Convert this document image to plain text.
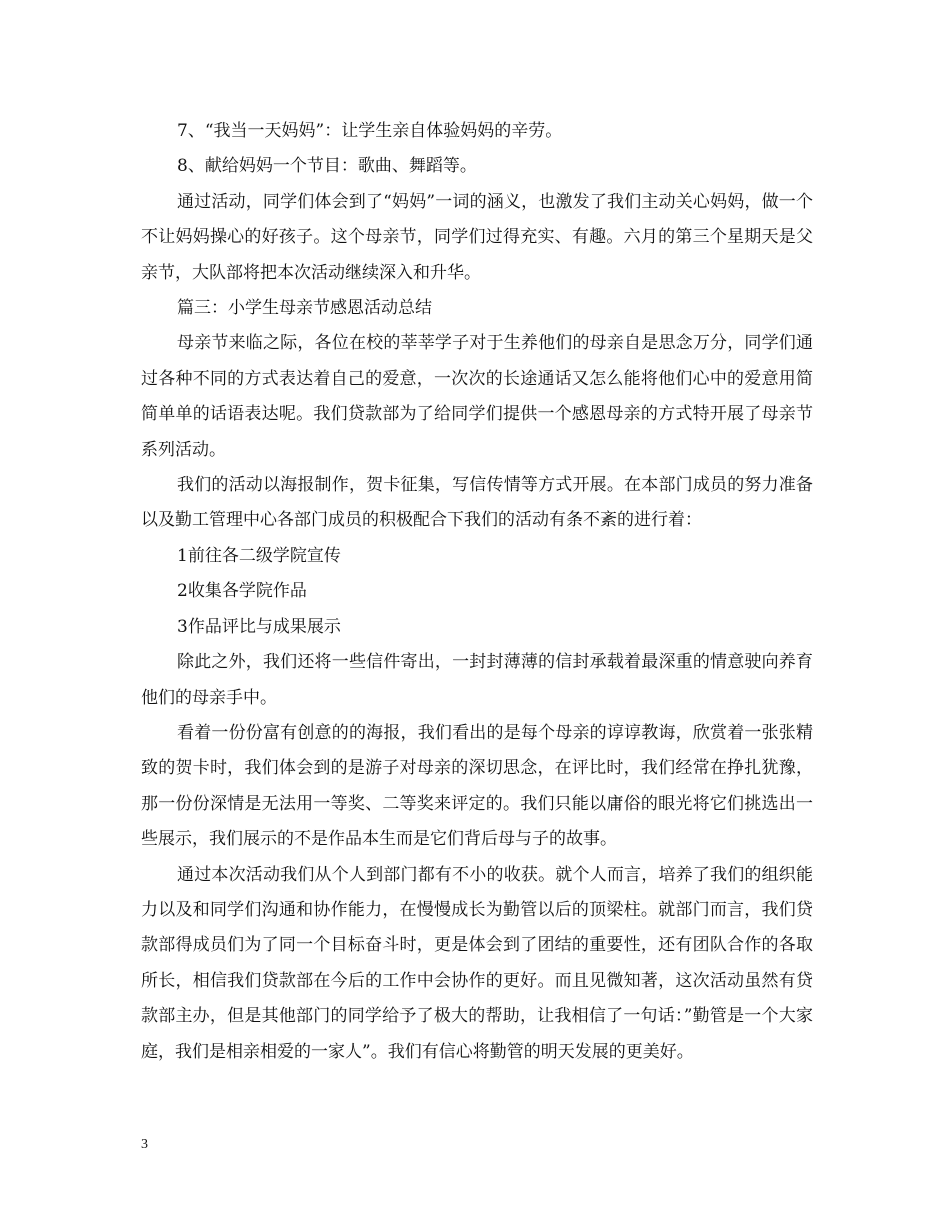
7、“我当一天妈妈”：让学生亲自体验妈妈的辛劳。

8、献给妈妈一个节目：歌曲、舞蹈等。

通过活动，同学们体会到了“妈妈”一词的涵义，也激发了我们主动关心妈妈，做一个不让妈妈操心的好孩子。这个母亲节，同学们过得充实、有趣。六月的第三个星期天是父亲节，大队部将把本次活动继续深入和升华。

篇三：小学生母亲节感恩活动总结

母亲节来临之际，各位在校的莘莘学子对于生养他们的母亲自是思念万分，同学们通过各种不同的方式表达着自己的爱意，一次次的长途通话又怎么能将他们心中的爱意用简简单单的话语表达呢。我们贷款部为了给同学们提供一个感恩母亲的方式特开展了母亲节系列活动。

我们的活动以海报制作，贺卡征集，写信传情等方式开展。在本部门成员的努力准备以及勤工管理中心各部门成员的积极配合下我们的活动有条不紊的进行着：

1前往各二级学院宣传

2收集各学院作品

3作品评比与成果展示

除此之外，我们还将一些信件寄出，一封封薄薄的信封承载着最深重的情意驶向养育他们的母亲手中。

看着一份份富有创意的的海报，我们看出的是每个母亲的谆谆教诲，欣赏着一张张精致的贺卡时，我们体会到的是游子对母亲的深切思念，在评比时，我们经常在挣扎犹豫，那一份份深情是无法用一等奖、二等奖来评定的。我们只能以庸俗的眼光将它们挑选出一些展示，我们展示的不是作品本生而是它们背后母与子的故事。

通过本次活动我们从个人到部门都有不小的收获。就个人而言，培养了我们的组织能力以及和同学们沟通和协作能力，在慢慢成长为勤管以后的顶梁柱。就部门而言，我们贷款部得成员们为了同一个目标奋斗时，更是体会到了团结的重要性，还有团队合作的各取所长，相信我们贷款部在今后的工作中会协作的更好。而且见微知著，这次活动虽然有贷款部主办，但是其他部门的同学给予了极大的帮助，让我相信了一句话：”勤管是一个大家庭，我们是相亲相爱的一家人”。我们有信心将勤管的明天发展的更美好。

3
